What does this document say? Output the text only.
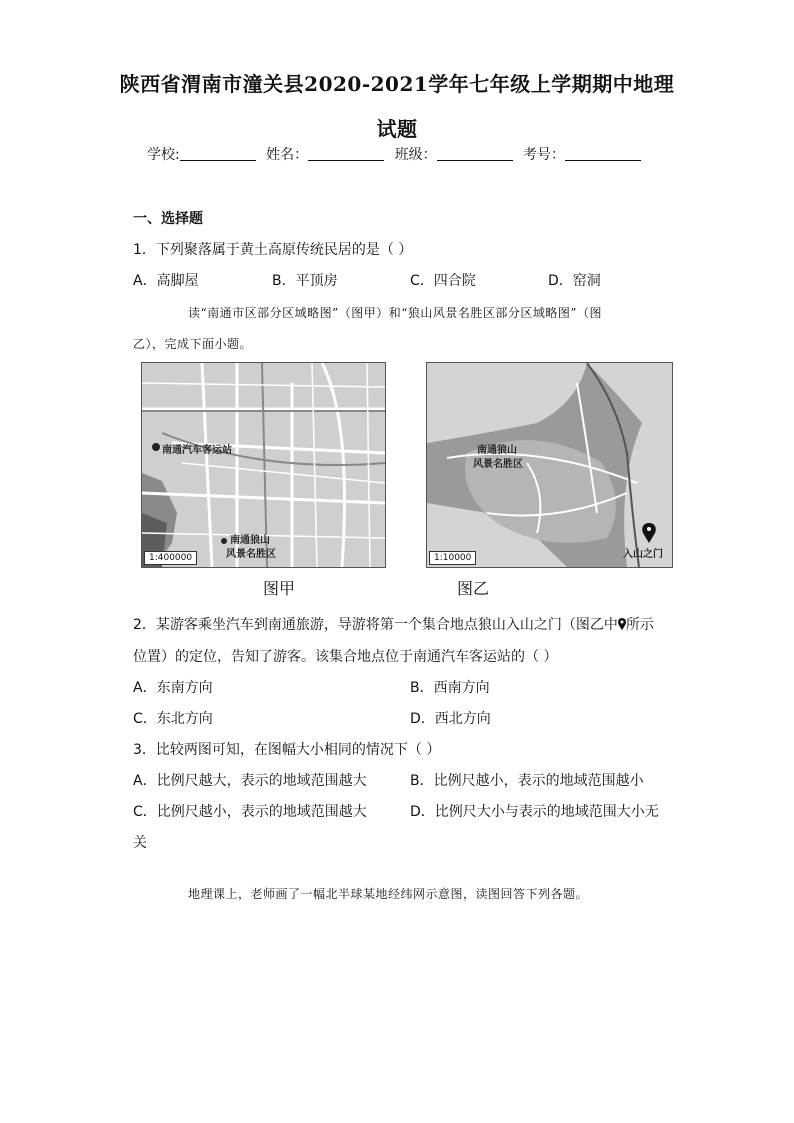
陕西省渭南市潼关县2020-2021学年七年级上学期期中地理
试题
学校:	姓名：	班级：	考号：
一、选择题
1．下列聚落属于黄土高原传统民居的是（ ）
A．高脚屋	B．平顶房	C．四合院	D．窑洞
读“南通市区部分区域略图”（图甲）和“狼山风景名胜区部分区域略图”（图
乙），完成下面小题。
南通汽车客运站
南通狼山
风景名胜区
1:400000
南通狼山
风景名胜区
入山之门
1:10000
图甲	图乙
2．某游客乘坐汽车到南通旅游，导游将第一个集合地点狼山入山之门（图乙中 所示
位置）的定位，告知了游客。该集合地点位于南通汽车客运站的（ ）
A．东南方向	B．西南方向
C．东北方向	D．西北方向
3．比较两图可知，在图幅大小相同的情况下（ ）
A．比例尺越大，表示的地域范围越大	B．比例尺越小，表示的地域范围越小
C．比例尺越小，表示的地域范围越大	D．比例尺大小与表示的地域范围大小无
关
地理课上，老师画了一幅北半球某地经纬网示意图，读图回答下列各题。
